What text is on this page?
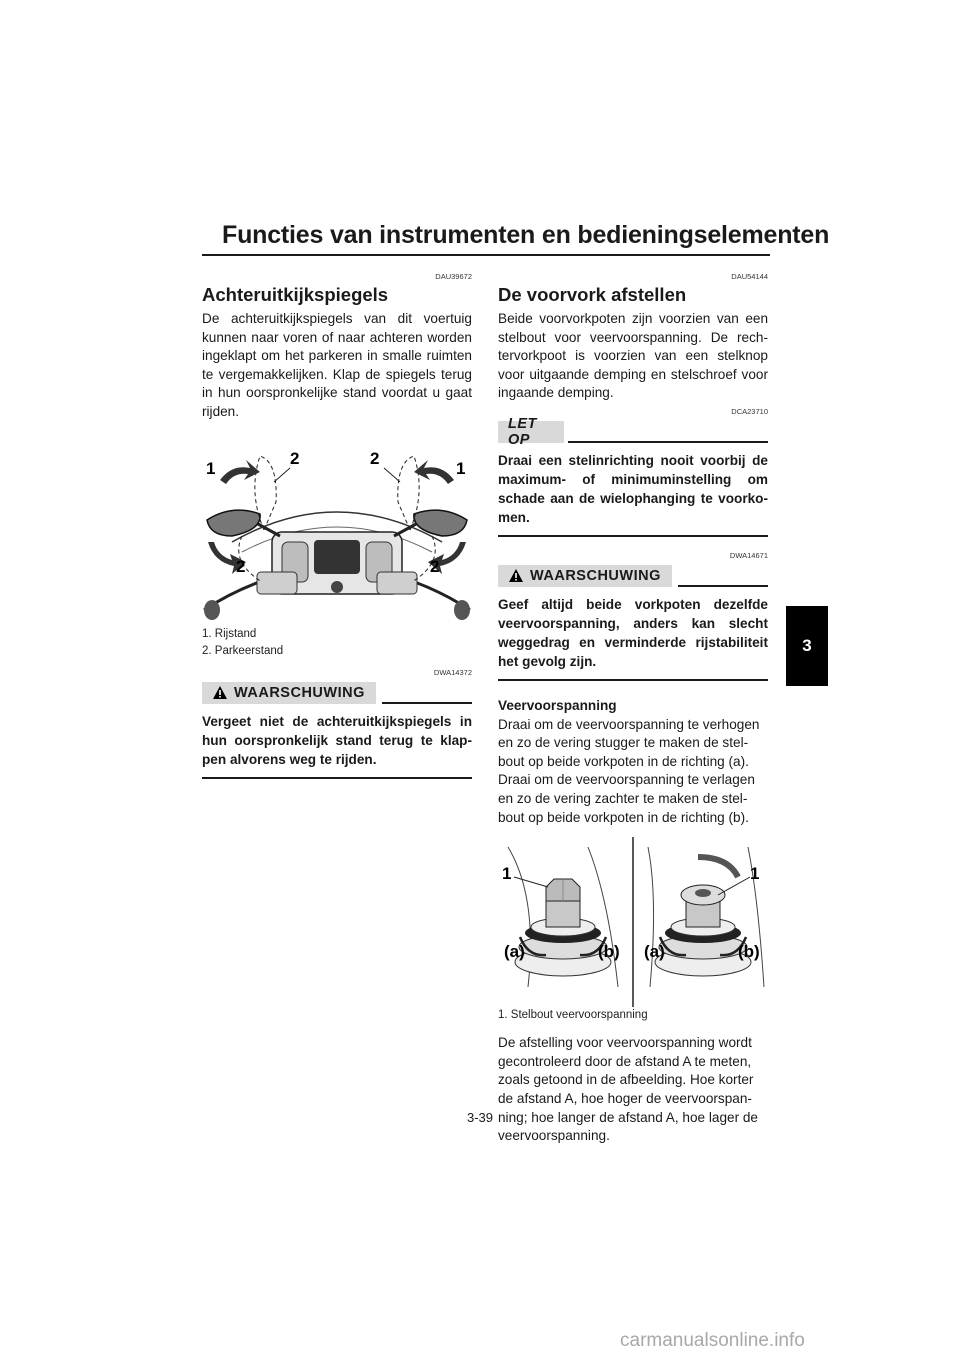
Functies van instrumenten en bedieningselementen
3
DAU39672
Achteruitkijkspiegels

De achteruitkijkspiegels van dit voertuig kunnen naar voren of naar achteren worden ingeklapt om het parkeren in smalle ruimten te vergemakkelijken. Klap de spiegels terug in hun oorspronkelijke stand voordat u gaat rijden.

1
2	2
1
2	2
1. Rijstand
2. Parkeerstand
DWA14372
WAARSCHUWING

Vergeet niet de achteruitkijkspiegels in hun oorspronkelijk stand terug te klap-pen alvorens weg te rijden.

DAU54144
De voorvork afstellen

Beide voorvorkpoten zijn voorzien van een stelbout voor veervoorspanning. De rech-tervorkpoot is voorzien van een stelknop voor uitgaande demping en stelschroef voor ingaande demping.

DCA23710
LET OP

Draai een stelinrichting nooit voorbij de maximum- of minimuminstelling om schade aan de wielophanging te voorko-men.

DWA14671
WAARSCHUWING

Geef altijd beide vorkpoten dezelfde veervoorspanning, anders kan slecht weggedrag en verminderde rijstabiliteit het gevolg zijn.

Veervoorspanning

Draai om de veervoorspanning te verhogen en zo de vering stugger te maken de stel-bout op beide vorkpoten in de richting (a). Draai om de veervoorspanning te verlagen en zo de vering zachter te maken de stel-bout op beide vorkpoten in de richting (b).

1	1
(a)	(b) (a)	(b)
1. Stelbout veervoorspanning

De afstelling voor veervoorspanning wordt gecontroleerd door de afstand A te meten, zoals getoond in de afbeelding. Hoe korter de afstand A, hoe hoger de veervoorspan-ning; hoe langer de afstand A, hoe lager de veervoorspanning.

3-39
carmanualsonline.info
